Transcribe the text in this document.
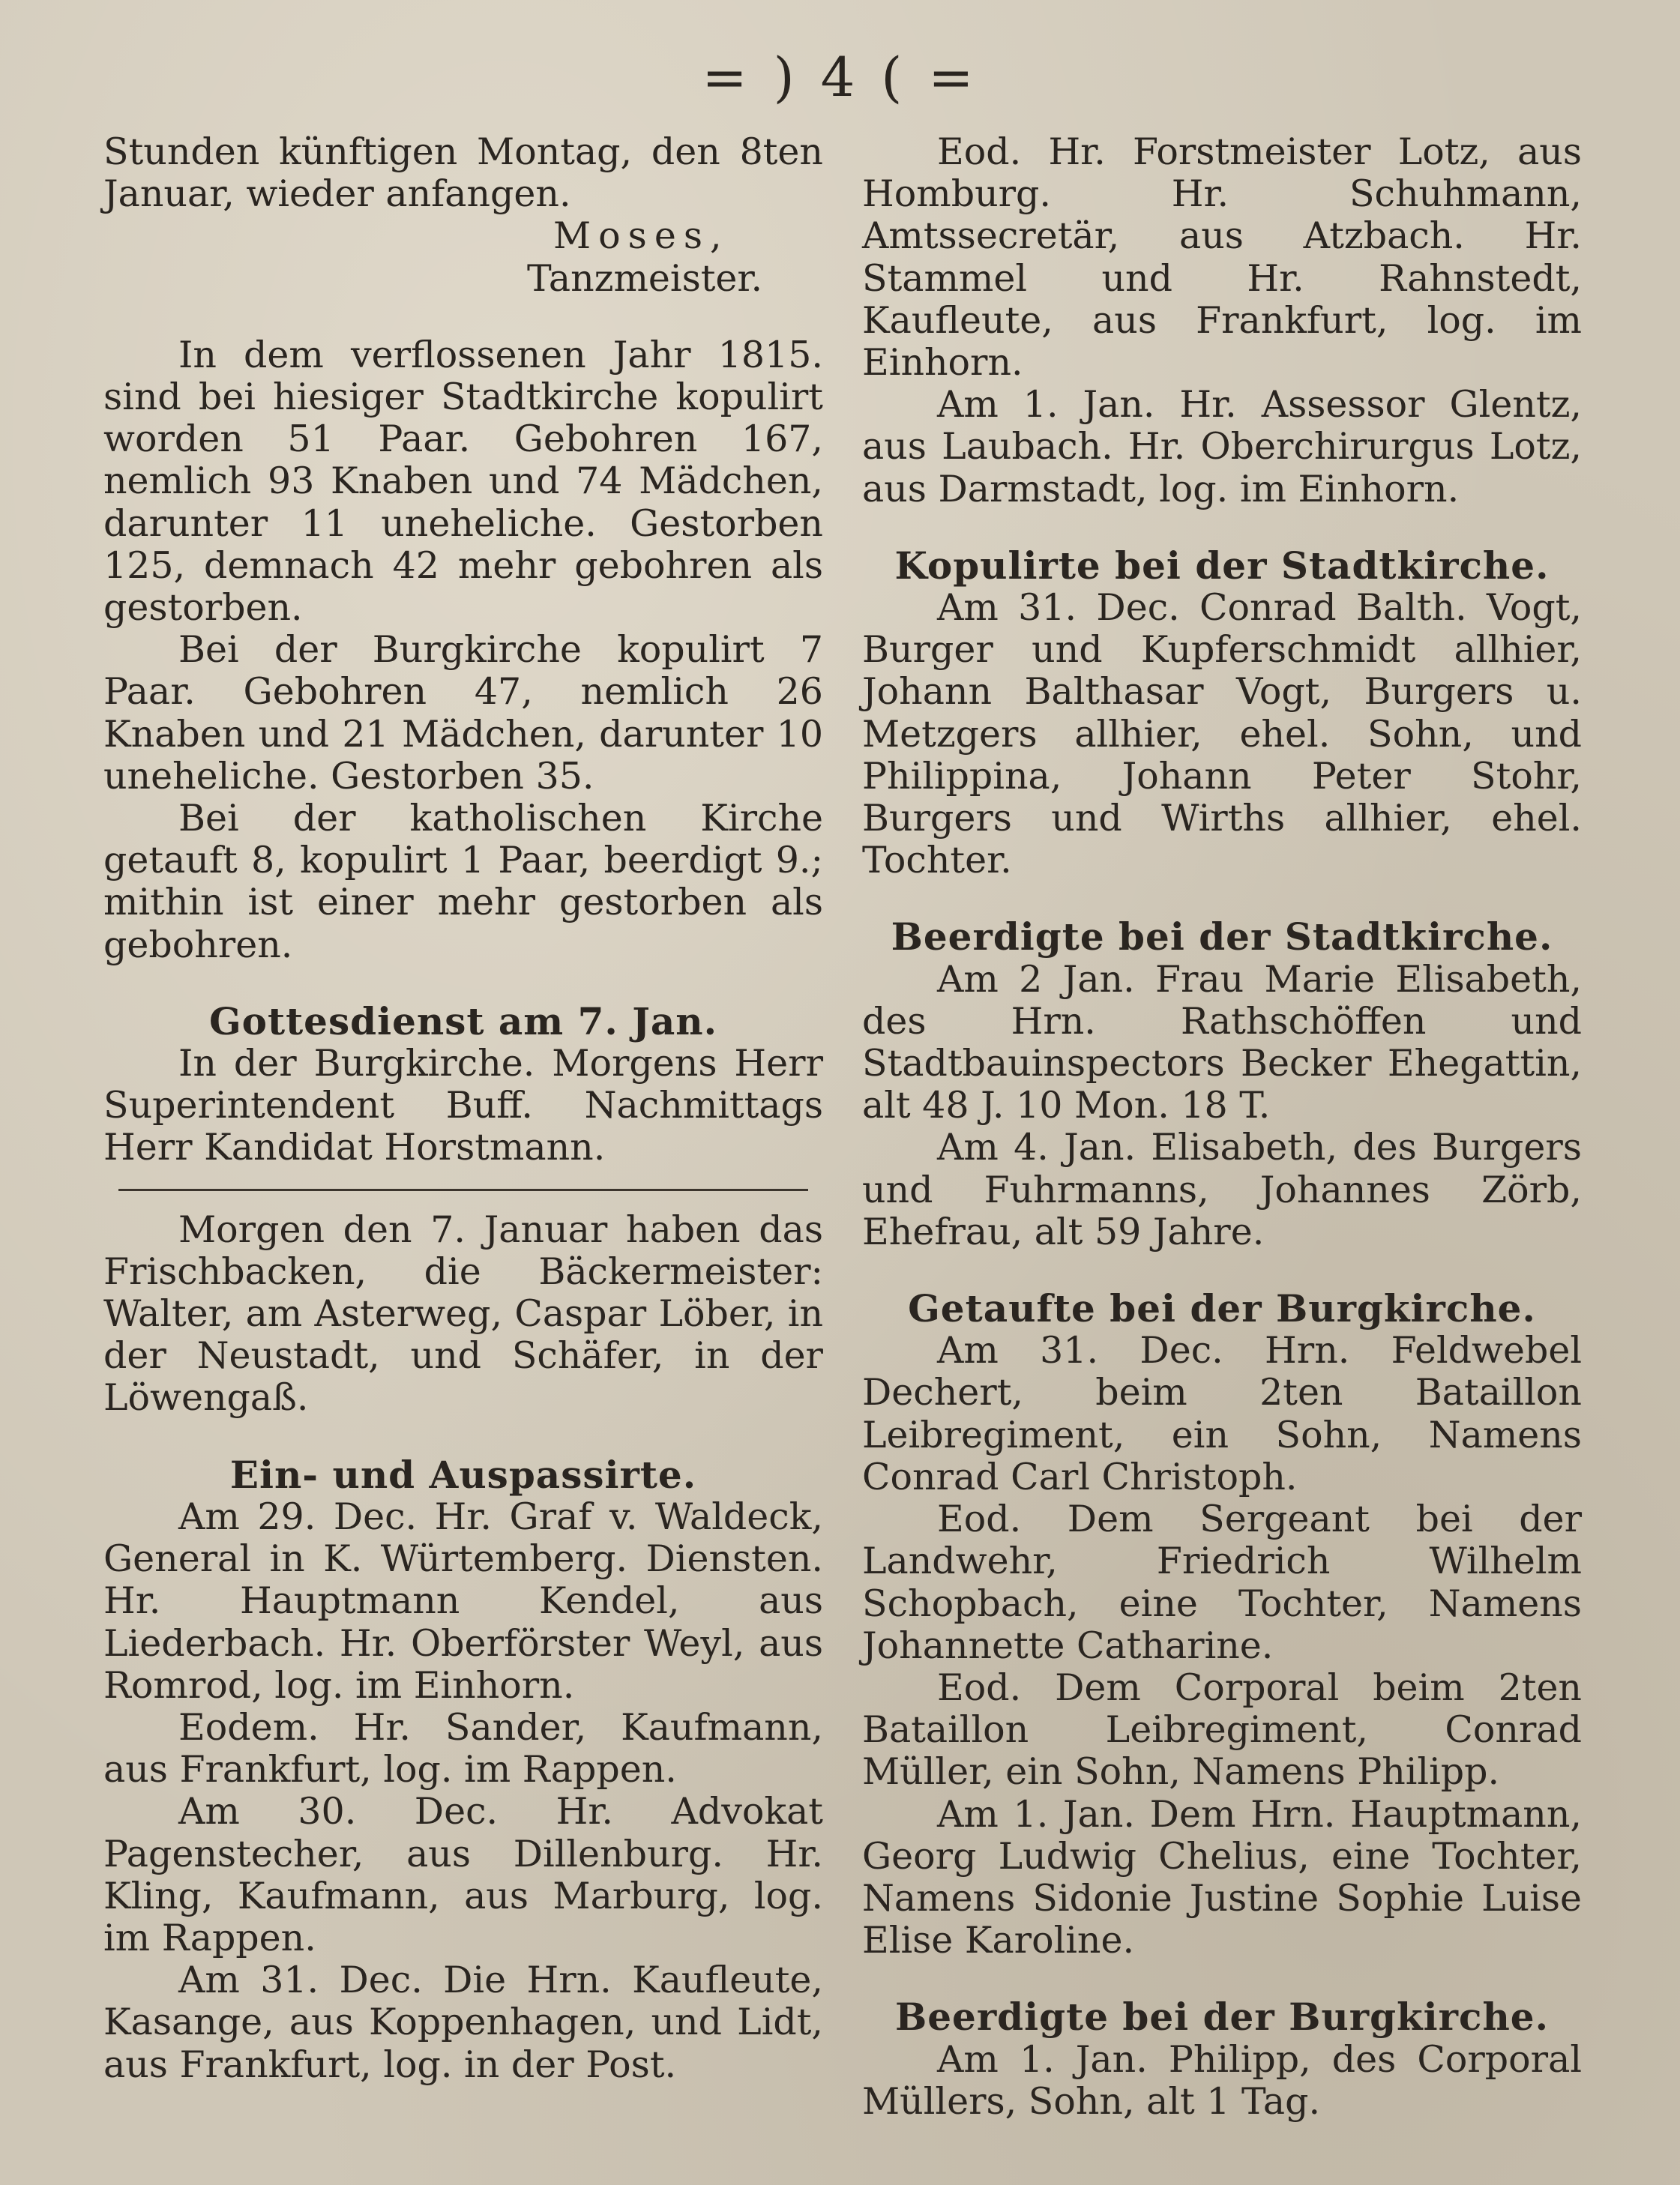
= ) 4 ( =

Stunden künftigen Montag, den 8ten Januar, wieder anfangen.

Moses,

Tanzmeister.

In dem verflossenen Jahr 1815. sind bei hiesiger Stadtkirche kopulirt worden 51 Paar. Gebohren 167, nemlich 93 Knaben und 74 Mädchen, darunter 11 uneheliche. Gestorben 125, demnach 42 mehr gebohren als gestorben.

Bei der Burgkirche kopulirt 7 Paar. Gebohren 47, nemlich 26 Knaben und 21 Mädchen, darunter 10 uneheliche. Gestorben 35.

Bei der katholischen Kirche getauft 8, kopulirt 1 Paar, beerdigt 9.; mithin ist einer mehr gestorben als gebohren.

Gottesdienst am 7. Jan.

In der Burgkirche. Morgens Herr Superintendent Buff. Nachmittags Herr Kandidat Horstmann.

Morgen den 7. Januar haben das Frischbacken, die Bäckermeister: Walter, am Asterweg, Caspar Löber, in der Neustadt, und Schäfer, in der Löwengaß.

Ein- und Auspassirte.

Am 29. Dec. Hr. Graf v. Waldeck, General in K. Würtemberg. Diensten. Hr. Hauptmann Kendel, aus Liederbach. Hr. Oberförster Weyl, aus Romrod, log. im Einhorn.

Eodem. Hr. Sander, Kaufmann, aus Frankfurt, log. im Rappen.

Am 30. Dec. Hr. Advokat Pagenstecher, aus Dillenburg. Hr. Kling, Kaufmann, aus Marburg, log. im Rappen.

Am 31. Dec. Die Hrn. Kaufleute, Kasange, aus Koppenhagen, und Lidt, aus Frankfurt, log. in der Post.

Eod. Hr. Forstmeister Lotz, aus Homburg. Hr. Schuhmann, Amtssecretär, aus Atzbach. Hr. Stammel und Hr. Rahnstedt, Kaufleute, aus Frankfurt, log. im Einhorn.

Am 1. Jan. Hr. Assessor Glentz, aus Laubach. Hr. Oberchirurgus Lotz, aus Darmstadt, log. im Einhorn.

Kopulirte bei der Stadtkirche.

Am 31. Dec. Conrad Balth. Vogt, Burger und Kupferschmidt allhier, Johann Balthasar Vogt, Burgers u. Metzgers allhier, ehel. Sohn, und Philippina, Johann Peter Stohr, Burgers und Wirths allhier, ehel. Tochter.

Beerdigte bei der Stadtkirche.

Am 2 Jan. Frau Marie Elisabeth, des Hrn. Rathschöffen und Stadtbauinspectors Becker Ehegattin, alt 48 J. 10 Mon. 18 T.

Am 4. Jan. Elisabeth, des Burgers und Fuhrmanns, Johannes Zörb, Ehefrau, alt 59 Jahre.

Getaufte bei der Burgkirche.

Am 31. Dec. Hrn. Feldwebel Dechert, beim 2ten Bataillon Leibregiment, ein Sohn, Namens Conrad Carl Christoph.

Eod. Dem Sergeant bei der Landwehr, Friedrich Wilhelm Schopbach, eine Tochter, Namens Johannette Catharine.

Eod. Dem Corporal beim 2ten Bataillon Leibregiment, Conrad Müller, ein Sohn, Namens Philipp.

Am 1. Jan. Dem Hrn. Hauptmann, Georg Ludwig Chelius, eine Tochter, Namens Sidonie Justine Sophie Luise Elise Karoline.

Beerdigte bei der Burgkirche.

Am 1. Jan. Philipp, des Corporal Müllers, Sohn, alt 1 Tag.
